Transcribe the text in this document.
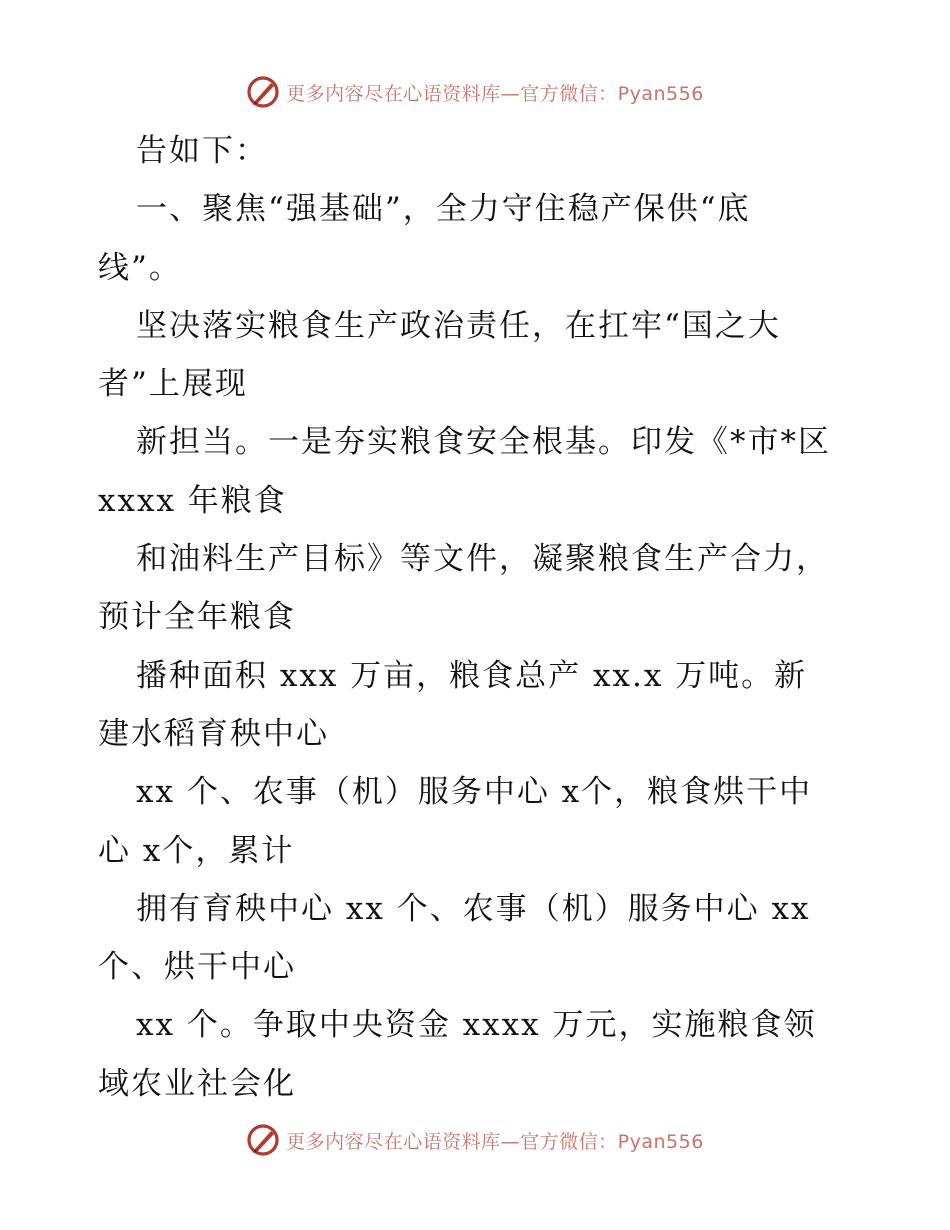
更多内容尽在心语资料库—官方微信：Pyan556
告如下：
一、聚焦“强基础”，全力守住稳产保供“底
线”。
坚决落实粮食生产政治责任，在扛牢“国之大
者”上展现
新担当。一是夯实粮食安全根基。印发《*市*区
xxxx 年粮食
和油料生产目标》等文件，凝聚粮食生产合力，
预计全年粮食
播种面积 xxx 万亩，粮食总产 xx.x 万吨。新
建水稻育秧中心
xx 个、农事（机）服务中心 x个，粮食烘干中
心 x个，累计
拥有育秧中心 xx 个、农事（机）服务中心 xx
个、烘干中心
xx 个。争取中央资金 xxxx 万元，实施粮食领
域农业社会化
更多内容尽在心语资料库—官方微信：Pyan556
